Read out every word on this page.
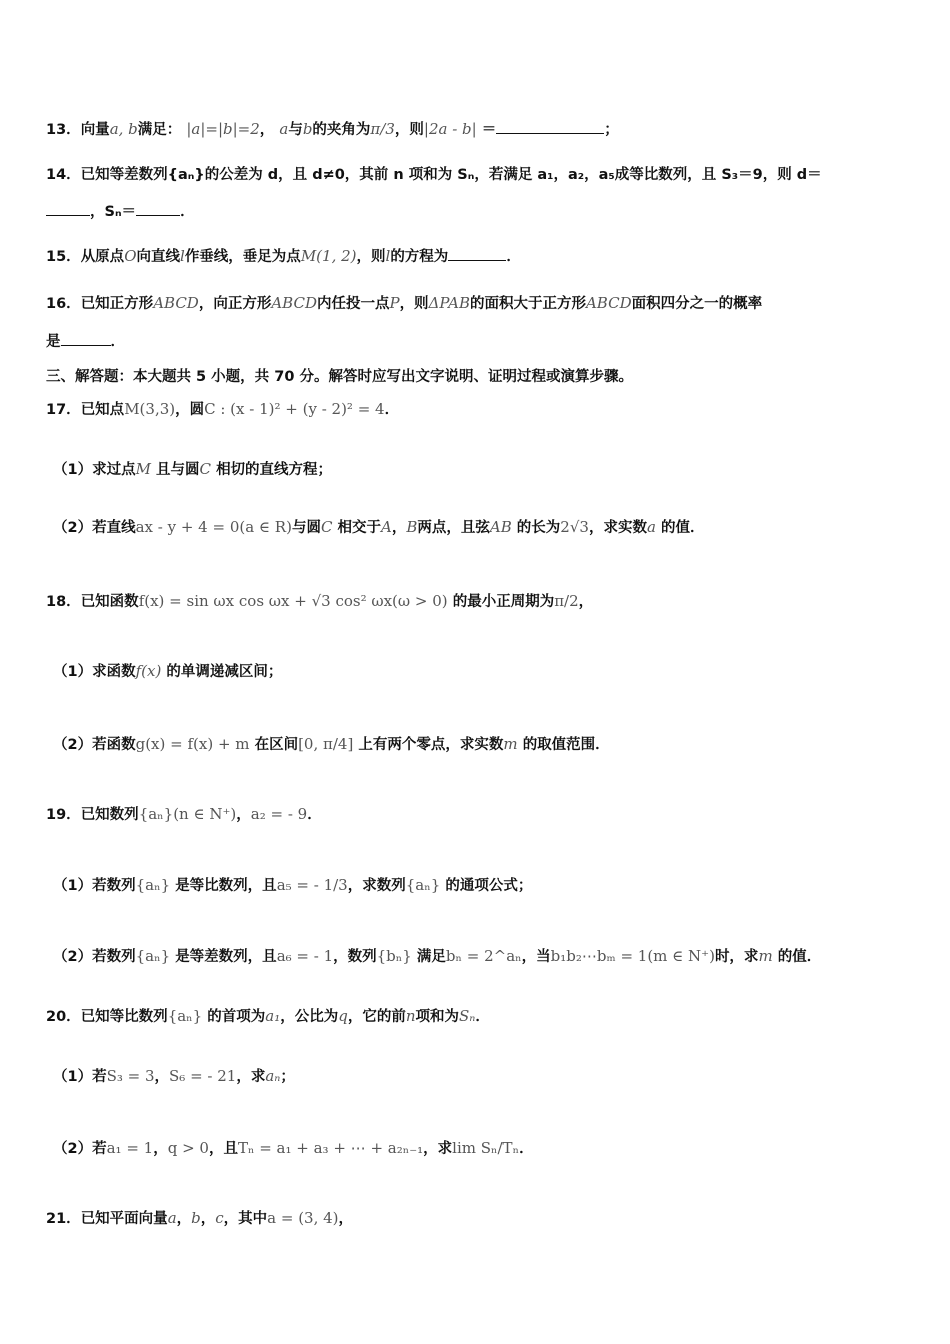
13．向量a, b满足： |a|=|b|=2， a与b的夹角为π/3，则|2a - b| ＝	；
14．已知等差数列{aₙ}的公差为 d，且 d≠0，其前 n 项和为 Sₙ，若满足 a₁，a₂，a₅成等比数列，且 S₃＝9，则 d＝
，Sₙ＝	．
15．从原点O向直线l作垂线，垂足为点M(1, 2)，则l的方程为	．
16．已知正方形ABCD，向正方形ABCD内任投一点P，则ΔPAB的面积大于正方形ABCD面积四分之一的概率
是	．
三、解答题：本大题共 5 小题，共 70 分。解答时应写出文字说明、证明过程或演算步骤。
17．已知点M(3,3)，圆C : (x - 1)² + (y - 2)² = 4．
（1）求过点M 且与圆C 相切的直线方程；
（2）若直线ax - y + 4 = 0(a ∈ R)与圆C 相交于A，B两点，且弦AB 的长为2√3，求实数a 的值．
18．已知函数f(x) = sin ωx cos ωx + √3 cos² ωx(ω > 0) 的最小正周期为π/2，
（1）求函数f(x) 的单调递减区间；
（2）若函数g(x) = f(x) + m 在区间[0, π/4] 上有两个零点，求实数m 的取值范围．
19．已知数列{aₙ}(n ∈ N⁺)，a₂ = - 9．
（1）若数列{aₙ} 是等比数列，且a₅ = - 1/3，求数列{aₙ} 的通项公式；
（2）若数列{aₙ} 是等差数列，且a₆ = - 1，数列{bₙ} 满足bₙ = 2^aₙ，当b₁b₂⋯bₘ = 1(m ∈ N⁺)时，求m 的值．
20．已知等比数列{aₙ} 的首项为a₁，公比为q，它的前n项和为Sₙ．
（1）若S₃ = 3，S₆ = - 21，求aₙ；
（2）若a₁ = 1，q > 0，且Tₙ = a₁ + a₃ + ⋯ + a₂ₙ₋₁，求lim Sₙ/Tₙ．
21．已知平面向量a，b，c，其中a = (3, 4)，
